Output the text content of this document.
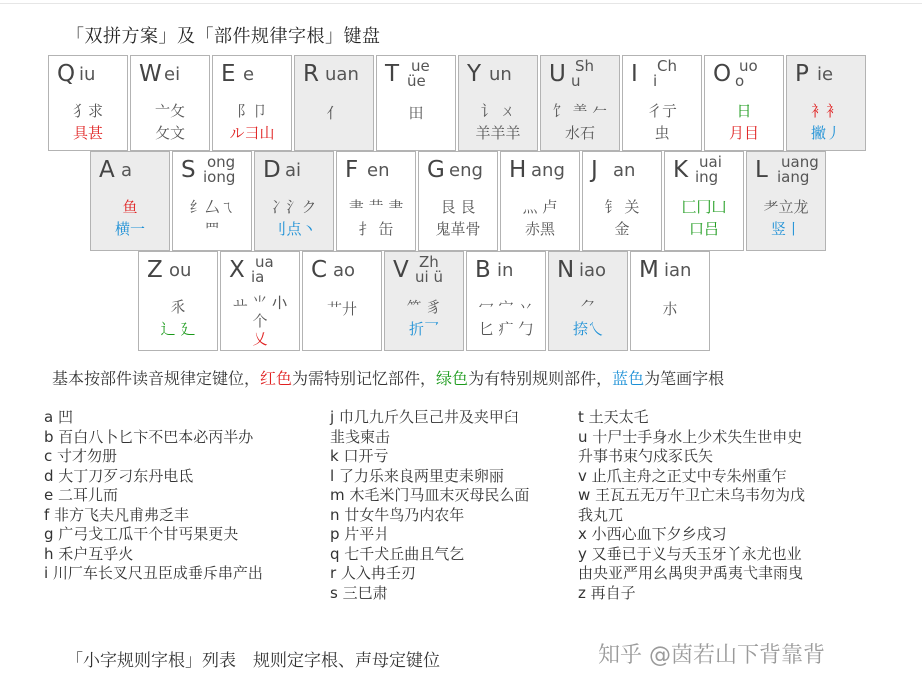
「双拼方案」及「部件规律字根」键盘
Q iu
犭求
具甚
W ei
亠攵
攵文
E e
阝卩
ル彐山
R uan
亻
T ue
üe
田
Y un
讠 ㄨ
羊羊羊
U Sh
u
饣 ⺷ 𠂉
水石
I Ch
i
彳亍
虫
O uo
o
日
月目
P ie
衤衤
撇丿
A a
鱼
横一
S ong
iong
纟厶ㄟ
罒
D ai
冫氵ク
刂点丶
F en
⺻ 龷 ⺻
扌 缶
G eng
艮 艮
鬼革骨
H ang
灬 卢
赤黑
J an
钅 关
金
K uai
ing
匚冂凵
口吕
L uang
iang
耂立龙
竖丨
Z ou
乑
辶 廴
X ua
ia
ㅛ ⺌ 𡭔
个
乂
C ao
艹廾
V Zh
ui ü
⺮ 豸
折乛
B in
冖 宀 丷
匕 疒 勹
N iao
⺈
捺乀
M ian
朩
基本按部件读音规律定键位，红色为需特别记忆部件，绿色为有特别规则部件，蓝色为笔画字根
a 凹
b 百白八卜匕卞不巴本必丙半办
c 寸才勿册
d 大丁刀歹刁东丹电氐
e 二耳儿而
f 非方飞夫凡甫弗乏丰
g 广弓戈工瓜干个甘丐果更夬
h 禾户互乎火
i 川厂车长叉尺丑臣成垂斥串产出
j 巾几九斤久巨己井及夹甲臼
韭戋柬击
k 口开亏
l 了力乐来良两里吏耒卵丽
m 木毛米门马皿末灭母民么面
n 廿女牛鸟乃内农年
p 片平爿
q 七千犬丘曲且气乞
r 人入冉壬刃
s 三巳肃
t 土天太乇
u 十尸士手身水上少术失生世申史
升事书束勺戍豕氏矢
v 止爪主舟之正丈中专朱州重乍
w 王瓦五无万午卫亡未乌韦勿为戊
我丸兀
x 小西心血下夕乡戌习
y 又垂已于义与夭玉牙丫永尤也业
由央亚严用幺禺臾尹禹夷弋聿雨曳
z 再自子
「小字规则字根」列表　规则定字根、声母定键位	知乎 @茵若山下背靠背
